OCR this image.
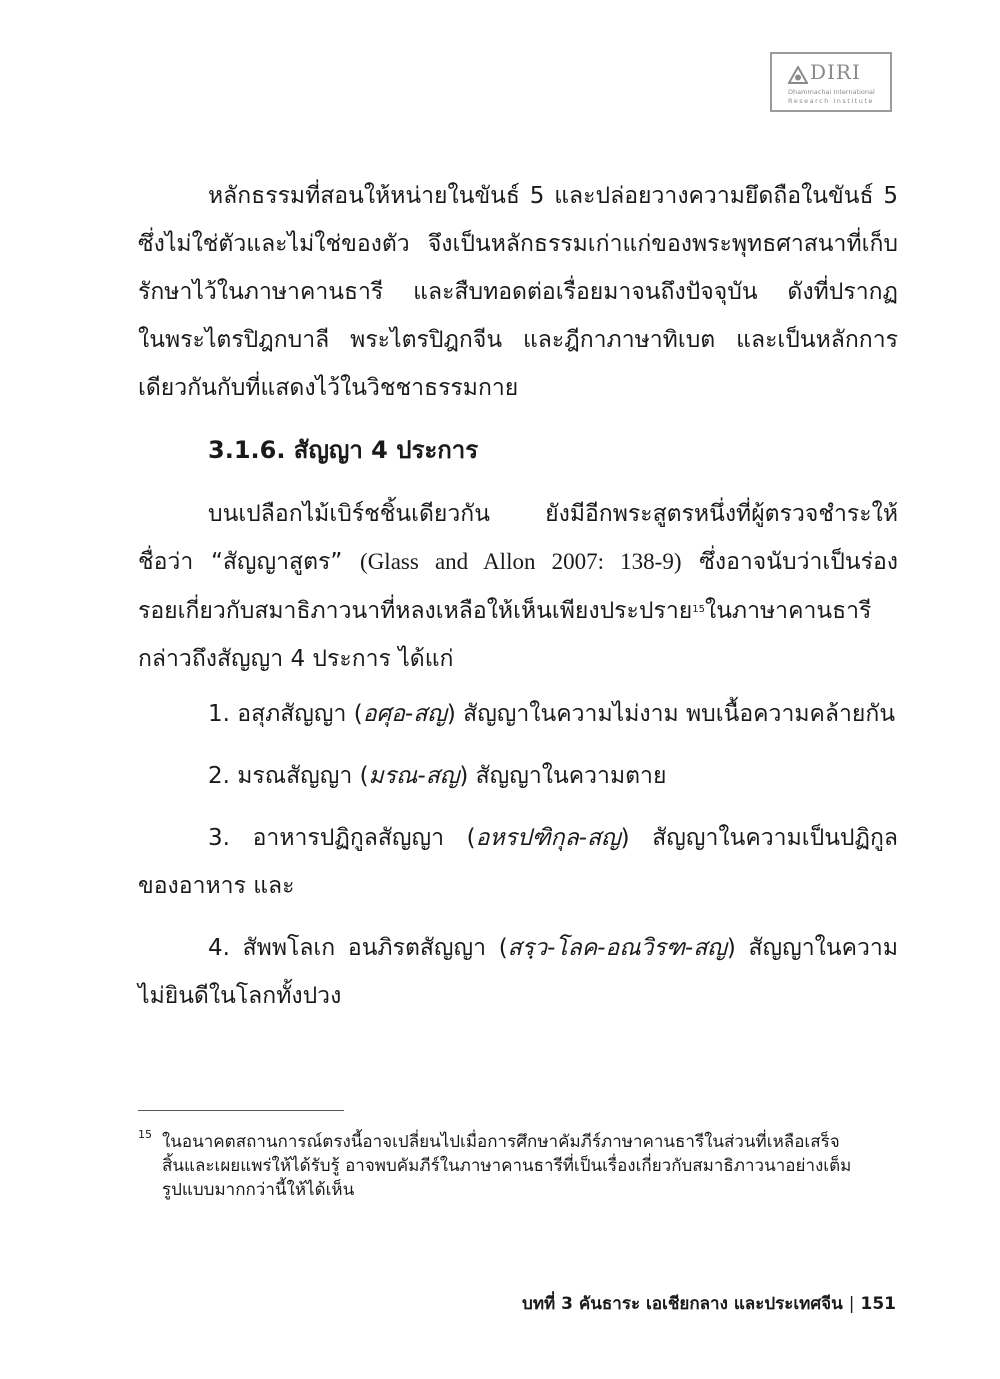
DIRI
Dhammachai International
Research Institute
หลักธรรมที่สอนให้หน่ายในขันธ์ 5 และปล่อยวางความยึดถือในขันธ์ 5
ซึ่งไม่ใช่ตัวและไม่ใช่ของตัว จึงเป็นหลักธรรมเก่าแก่ของพระพุทธศาสนาที่เก็บ
รักษาไว้ในภาษาคานธารี และสืบทอดต่อเรื่อยมาจนถึงปัจจุบัน ดังที่ปรากฏ
ในพระไตรปิฎกบาลี พระไตรปิฎกจีน และฎีกาภาษาทิเบต และเป็นหลักการ
เดียวกันกับที่แสดงไว้ในวิชชาธรรมกาย
3.1.6. สัญญา 4 ประการ
บนเปลือกไม้เบิร์ชชิ้นเดียวกัน ยังมีอีกพระสูตรหนึ่งที่ผู้ตรวจชำระให้
ชื่อว่า “สัญญาสูตร” (Glass and Allon 2007: 138-9) ซึ่งอาจนับว่าเป็นร่อง
รอยเกี่ยวกับสมาธิภาวนาที่หลงเหลือให้เห็นเพียงประปราย$^{15}$ในภาษาคานธารี
กล่าวถึงสัญญา 4 ประการ ได้แก่
1. อสุภสัญญา (อศุอ-สญ) สัญญาในความไม่งาม พบเนื้อความคล้ายกัน
2. มรณสัญญา (มรณ-สญ) สัญญาในความตาย
3. อาหารปฏิกูลสัญญา (อหรปฑิกุล-สญ) สัญญาในความเป็นปฏิกูล
ของอาหาร และ
4. สัพพโลเก อนภิรตสัญญา (สรฺว-โลค-อณวิรฑ-สญ) สัญญาในความ
ไม่ยินดีในโลกทั้งปวง
15 ในอนาคตสถานการณ์ตรงนี้อาจเปลี่ยนไปเมื่อการศึกษาคัมภีร์ภาษาคานธารีในส่วนที่เหลือเสร็จ
สิ้นและเผยแพร่ให้ได้รับรู้ อาจพบคัมภีร์ในภาษาคานธารีที่เป็นเรื่องเกี่ยวกับสมาธิภาวนาอย่างเต็ม
รูปแบบมากกว่านี้ให้ได้เห็น
บทที่ 3 คันธาระ เอเชียกลาง และประเทศจีน | 151
